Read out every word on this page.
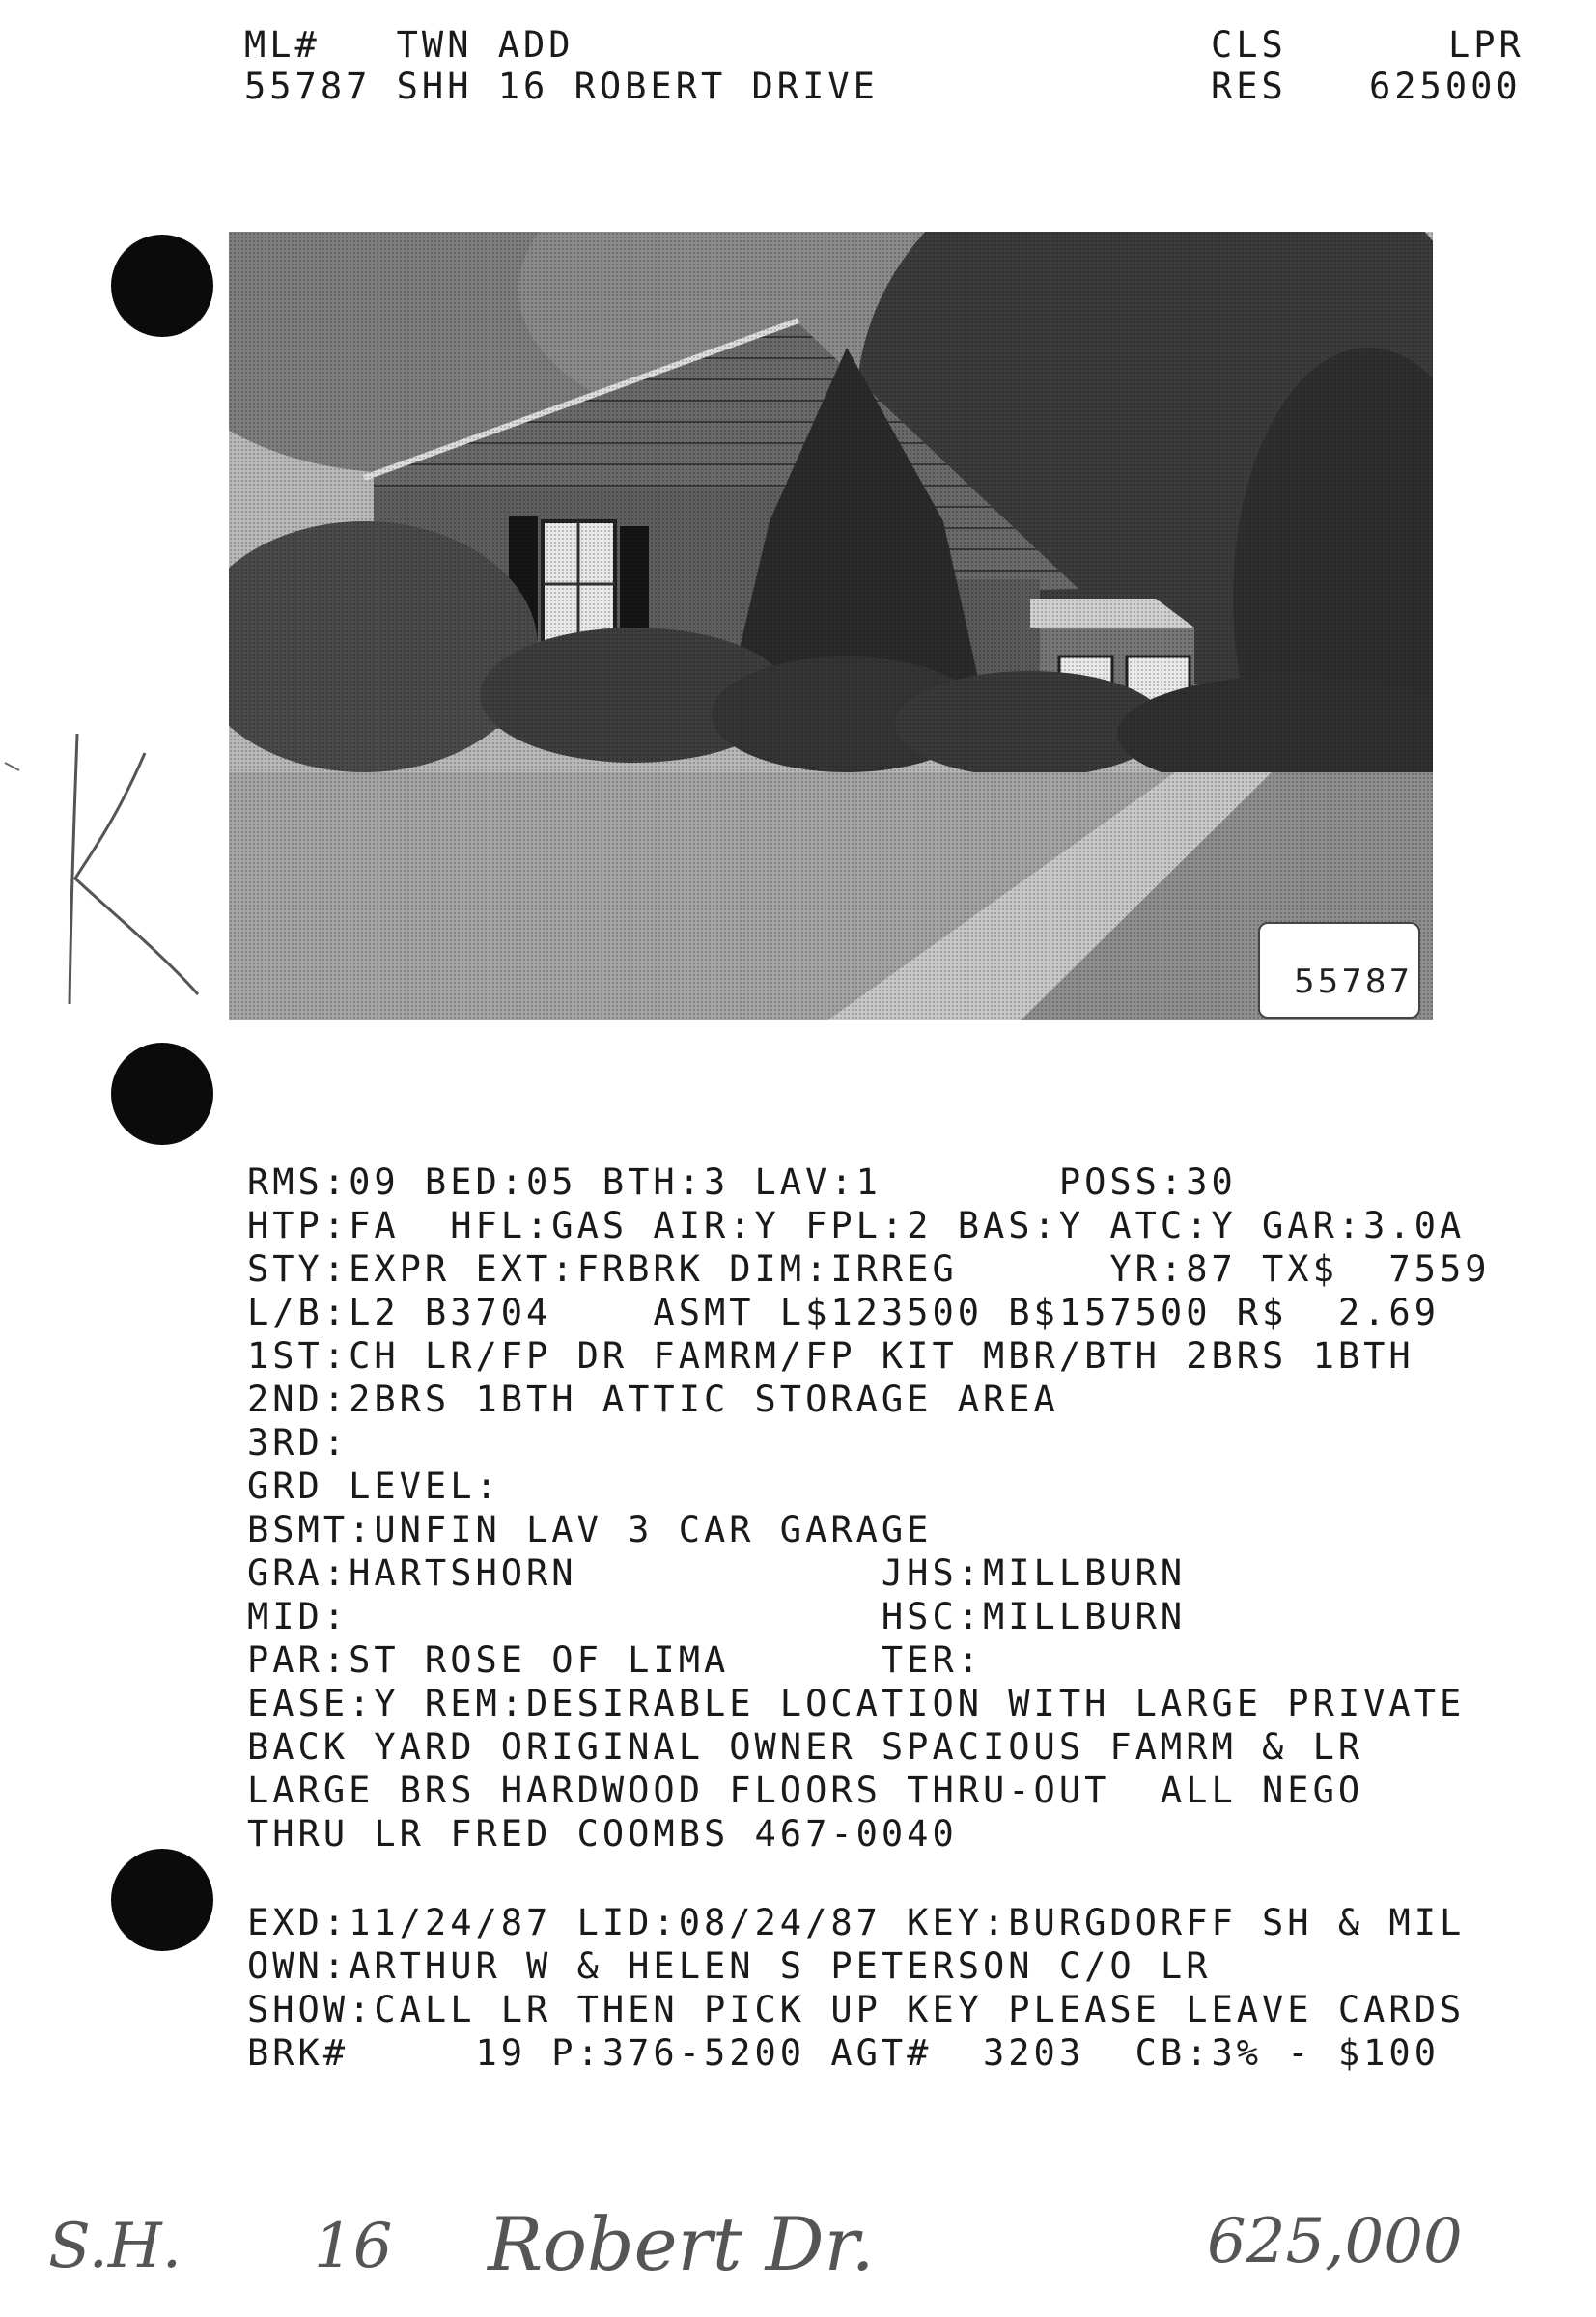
ML#   TWN ADD
55787 SHH 16 ROBERT DRIVE
CLS
RES
LPR
625000
55787
RMS:09 BED:05 BTH:3 LAV:1       POSS:30
HTP:FA  HFL:GAS AIR:Y FPL:2 BAS:Y ATC:Y GAR:3.0A
STY:EXPR EXT:FRBRK DIM:IRREG      YR:87 TX$  7559
L/B:L2 B3704    ASMT L$123500 B$157500 R$  2.69
1ST:CH LR/FP DR FAMRM/FP KIT MBR/BTH 2BRS 1BTH
2ND:2BRS 1BTH ATTIC STORAGE AREA
3RD:
GRD LEVEL:
BSMT:UNFIN LAV 3 CAR GARAGE
GRA:HARTSHORN            JHS:MILLBURN
MID:                     HSC:MILLBURN
PAR:ST ROSE OF LIMA      TER:
EASE:Y REM:DESIRABLE LOCATION WITH LARGE PRIVATE
BACK YARD ORIGINAL OWNER SPACIOUS FAMRM & LR
LARGE BRS HARDWOOD FLOORS THRU-OUT  ALL NEGO
THRU LR FRED COOMBS 467-0040
EXD:11/24/87 LID:08/24/87 KEY:BURGDORFF SH & MIL
OWN:ARTHUR W & HELEN S PETERSON C/O LR
SHOW:CALL LR THEN PICK UP KEY PLEASE LEAVE CARDS
BRK#     19 P:376-5200 AGT#  3203  CB:3% - $100
S.H. 16 Robert Dr.	625,000
